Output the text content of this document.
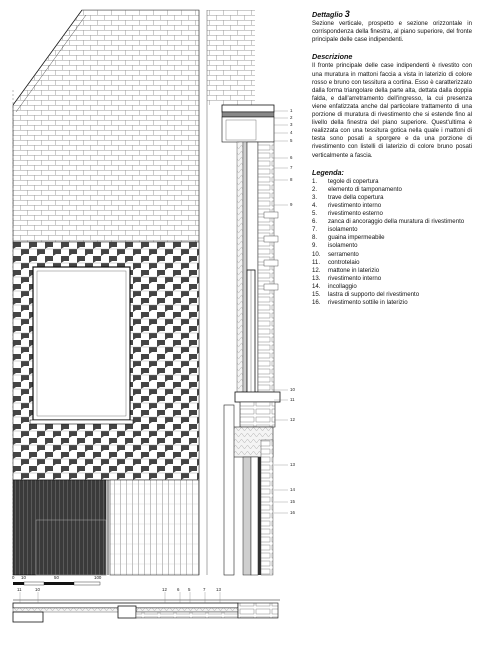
1
2
3
4
5
6
7
8
9
10
11
12
13
14
15
16
0 10	50	100
11	10	12 6 5	7 13
Dettaglio 3

Sezione verticale, prospetto e sezione orizzontale in corrispondenza della finestra, al piano superiore, del fronte principale delle case indipendenti.

Descrizione

Il fronte principale delle case indipendenti è rivestito con una muratura in mattoni faccia a vista in laterizio di colore rosso e bruno con tessitura a cortina. Esso è caratterizzato dalla forma triangolare della parte alta, dettata dalla doppia falda, e dall'arretramento dell'ingresso, la cui presenza viene enfatizzata anche dal particolare trattamento di una porzione di muratura di rivestimento che si estende fino al livello della finestra del piano superiore. Quest'ultima è realizzata con una tessitura gotica nella quale i mattoni di testa sono posati a sporgere e da una porzione di rivestimento con listelli di laterizio di colore bruno posati verticalmente a fascia.

Legenda:
1.	tegole di copertura
2.	elemento di tamponamento
3.	trave della copertura
4.	rivestimento interno
5.	rivestimento esterno
6.	zanca di ancoraggio della muratura di rivestimento
7.	isolamento
8.	guaina impermeabile
9.	isolamento
10.	serramento
11.	controtelaio
12.	mattone in laterizio
13.	rivestimento interno
14.	incollaggio
15.	lastra di supporto del rivestimento
16.	rivestimento sottile in laterizio
